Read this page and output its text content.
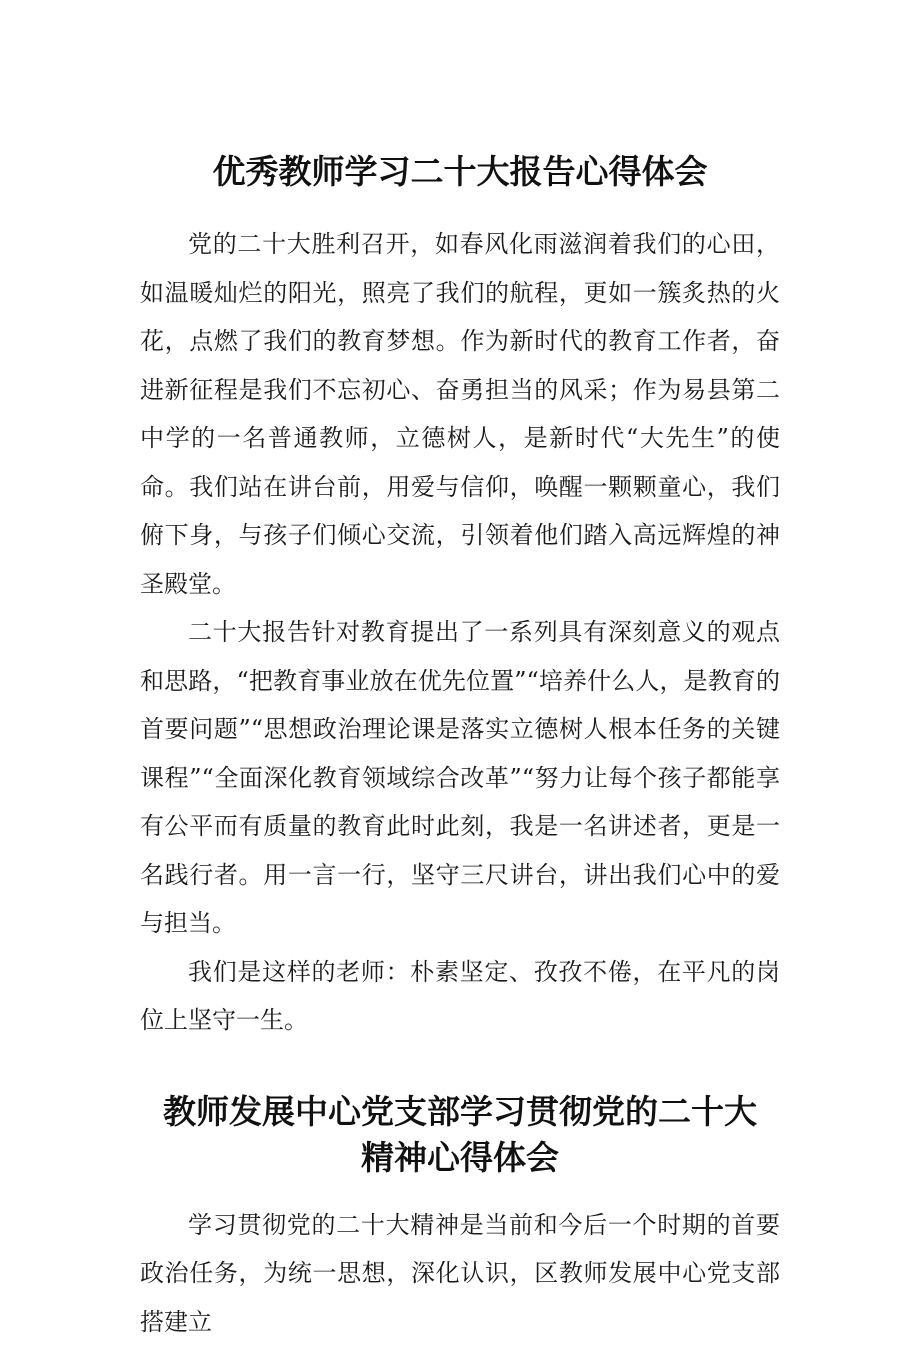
优秀教师学习二十大报告心得体会

党的二十大胜利召开，如春风化雨滋润着我们的心田，如温暖灿烂的阳光，照亮了我们的航程，更如一簇炙热的火花，点燃了我们的教育梦想。作为新时代的教育工作者，奋进新征程是我们不忘初心、奋勇担当的风采；作为易县第二中学的一名普通教师，立德树人，是新时代“大先生”的使命。我们站在讲台前，用爱与信仰，唤醒一颗颗童心，我们俯下身，与孩子们倾心交流，引领着他们踏入高远辉煌的神圣殿堂。

二十大报告针对教育提出了一系列具有深刻意义的观点和思路，“把教育事业放在优先位置”“培养什么人，是教育的首要问题”“思想政治理论课是落实立德树人根本任务的关键课程”“全面深化教育领域综合改革”“努力让每个孩子都能享有公平而有质量的教育此时此刻，我是一名讲述者，更是一名践行者。用一言一行，坚守三尺讲台，讲出我们心中的爱与担当。

我们是这样的老师：朴素坚定、孜孜不倦，在平凡的岗位上坚守一生。

教师发展中心党支部学习贯彻党的二十大
精神心得体会

学习贯彻党的二十大精神是当前和今后一个时期的首要政治任务，为统一思想，深化认识，区教师发展中心党支部搭建立
